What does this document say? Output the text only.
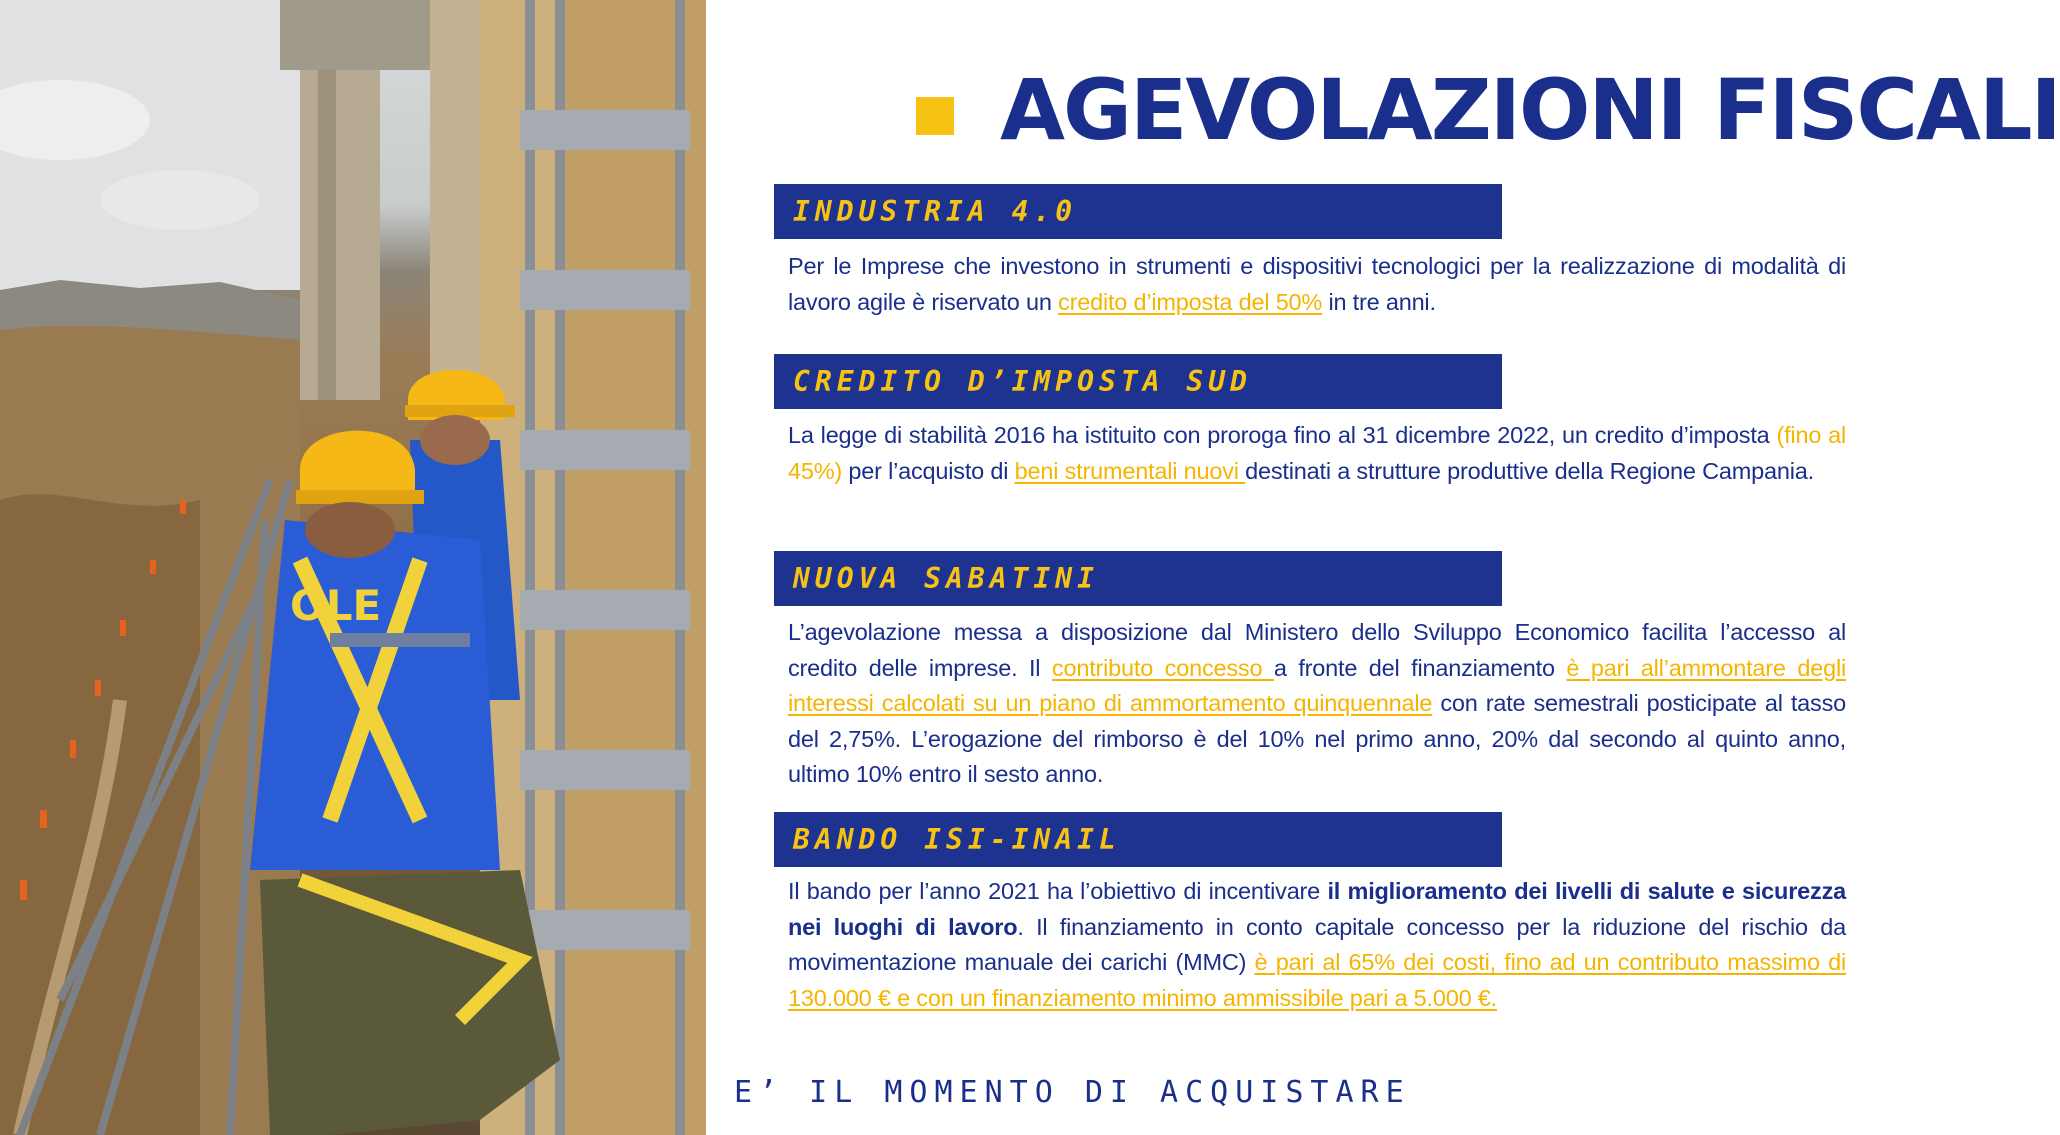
OLE
AGEVOLAZIONI FISCALI
INDUSTRIA 4.0

Per le Imprese che investono in strumenti e dispositivi tecnologici per la realizzazione di modalità di lavoro agile è riservato un credito d’imposta del 50% in tre anni.

CREDITO D’IMPOSTA SUD

La legge di stabilità 2016 ha istituito con proroga fino al 31 dicembre 2022, un credito d’imposta (fino al 45%) per l’acquisto di beni strumentali nuovi destinati a strutture produttive della Regione Campania.

NUOVA SABATINI

L’agevolazione messa a disposizione dal Ministero dello Sviluppo Economico facilita l’accesso al credito delle imprese. Il contributo concesso a fronte del finanziamento è pari all’ammontare degli interessi calcolati su un piano di ammortamento quinquennale con rate semestrali posticipate al tasso del 2,75%. L’erogazione del rimborso è del 10% nel primo anno, 20% dal secondo al quinto anno, ultimo 10% entro il sesto anno.

BANDO ISI-INAIL

Il bando per l’anno 2021 ha l’obiettivo di incentivare il miglioramento dei livelli di salute e sicurezza nei luoghi di lavoro. Il finanziamento in conto capitale concesso per la riduzione del rischio da movimentazione manuale dei carichi (MMC) è pari al 65% dei costi, fino ad un contributo massimo di 130.000 € e con un finanziamento minimo ammissibile pari a 5.000 €.

E’ IL MOMENTO DI ACQUISTARE
